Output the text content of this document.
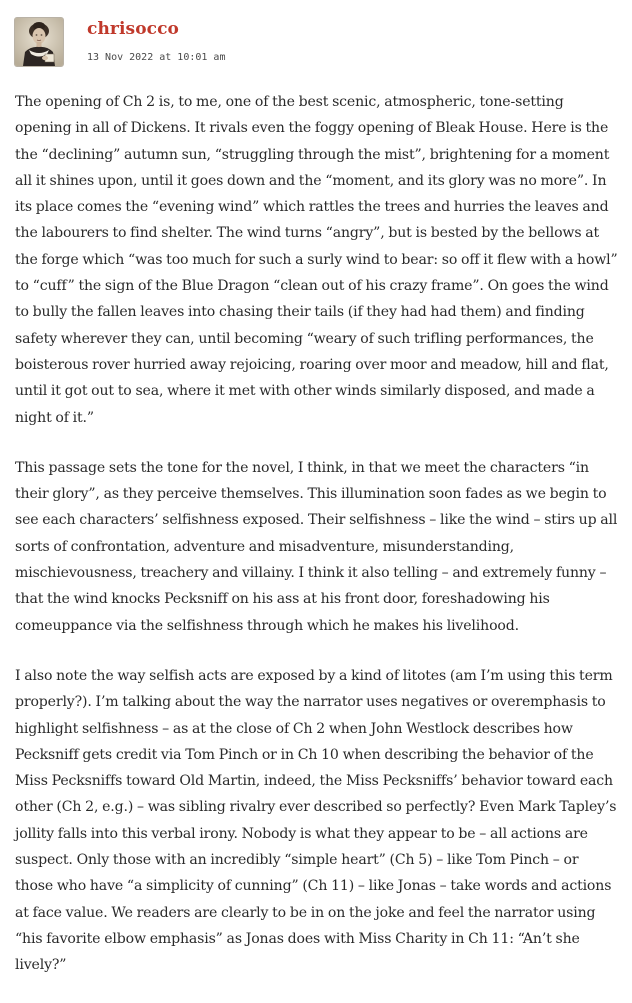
chrisocco
13 Nov 2022 at 10:01 am

The opening of Ch 2 is, to me, one of the best scenic, atmospheric, tone-setting opening in all of Dickens. It rivals even the foggy opening of Bleak House. Here is the the “declining” autumn sun, “struggling through the mist”, brightening for a moment all it shines upon, until it goes down and the “moment, and its glory was no more”. In its place comes the “evening wind” which rattles the trees and hurries the leaves and the labourers to find shelter. The wind turns “angry”, but is bested by the bellows at the forge which “was too much for such a surly wind to bear: so off it flew with a howl” to “cuff” the sign of the Blue Dragon “clean out of his crazy frame”. On goes the wind to bully the fallen leaves into chasing their tails (if they had had them) and finding safety wherever they can, until becoming “weary of such trifling performances, the boisterous rover hurried away rejoicing, roaring over moor and meadow, hill and flat, until it got out to sea, where it met with other winds similarly disposed, and made a night of it.”

This passage sets the tone for the novel, I think, in that we meet the characters “in their glory”, as they perceive themselves. This illumination soon fades as we begin to see each characters’ selfishness exposed. Their selfishness – like the wind – stirs up all sorts of confrontation, adventure and misadventure, misunderstanding, mischievousness, treachery and villainy. I think it also telling – and extremely funny – that the wind knocks Pecksniff on his ass at his front door, foreshadowing his comeuppance via the selfishness through which he makes his livelihood.

I also note the way selfish acts are exposed by a kind of litotes (am I’m using this term properly?). I’m talking about the way the narrator uses negatives or overemphasis to highlight selfishness – as at the close of Ch 2 when John Westlock describes how Pecksniff gets credit via Tom Pinch or in Ch 10 when describing the behavior of the Miss Pecksniffs toward Old Martin, indeed, the Miss Pecksniffs’ behavior toward each other (Ch 2, e.g.) – was sibling rivalry ever described so perfectly? Even Mark Tapley’s jollity falls into this verbal irony. Nobody is what they appear to be – all actions are suspect. Only those with an incredibly “simple heart” (Ch 5) – like Tom Pinch – or those who have “a simplicity of cunning” (Ch 11) – like Jonas – take words and actions at face value. We readers are clearly to be in on the joke and feel the narrator using “his favorite elbow emphasis” as Jonas does with Miss Charity in Ch 11: “An’t she lively?”
